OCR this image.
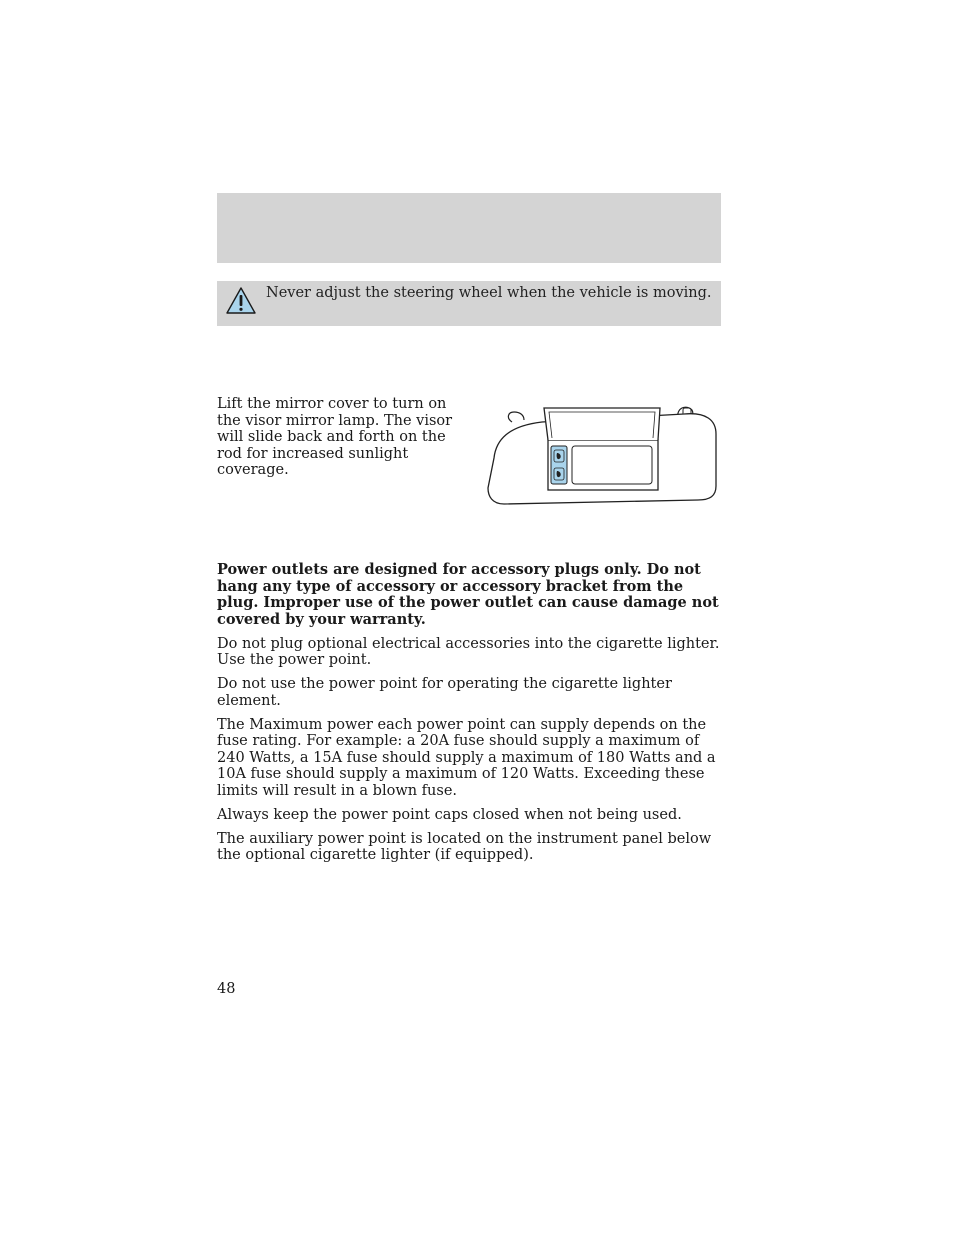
Never adjust the steering wheel when the vehicle is moving.
Lift the mirror cover to turn on the visor mirror lamp. The visor will slide back and forth on the rod for increased sunlight coverage.

Power outlets are designed for accessory plugs only. Do not hang any type of accessory or accessory bracket from the plug. Improper use of the power outlet can cause damage not covered by your warranty.

Do not plug optional electrical accessories into the cigarette lighter. Use the power point.

Do not use the power point for operating the cigarette lighter element.

The Maximum power each power point can supply depends on the fuse rating. For example: a 20A fuse should supply a maximum of 240 Watts, a 15A fuse should supply a maximum of 180 Watts and a 10A fuse should supply a maximum of 120 Watts. Exceeding these limits will result in a blown fuse.

Always keep the power point caps closed when not being used.

The auxiliary power point is located on the instrument panel below the optional cigarette lighter (if equipped).

48
